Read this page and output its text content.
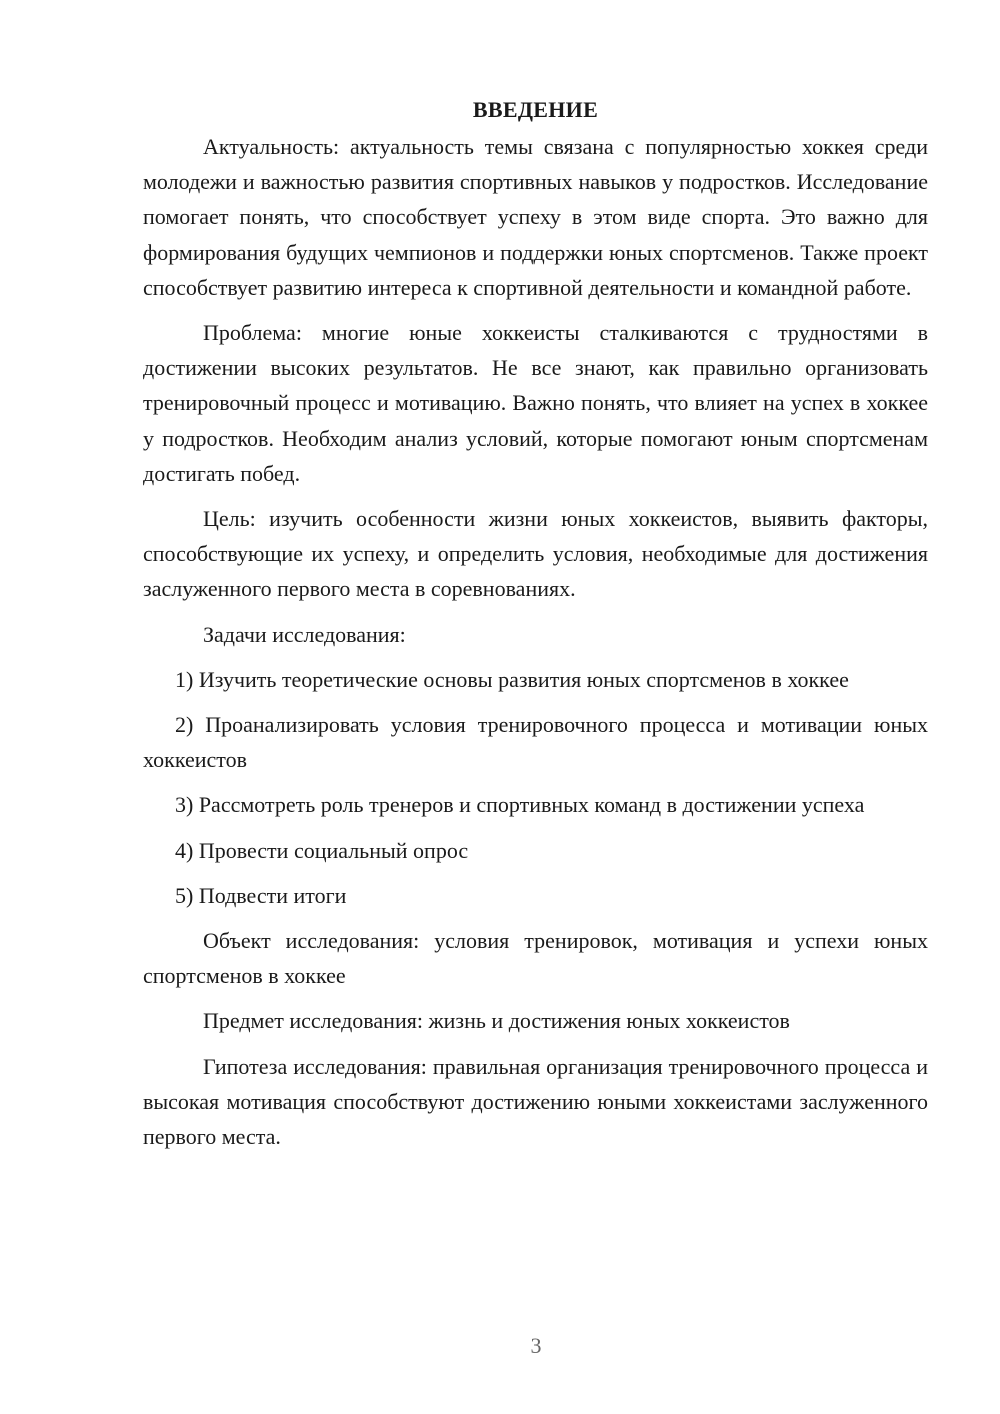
ВВЕДЕНИЕ

Актуальность: актуальность темы связана с популярностью хоккея среди молодежи и важностью развития спортивных навыков у подростков. Исследование помогает понять, что способствует успеху в этом виде спорта. Это важно для формирования будущих чемпионов и поддержки юных спортсменов. Также проект способствует развитию интереса к спортивной деятельности и командной работе.

Проблема: многие юные хоккеисты сталкиваются с трудностями в достижении высоких результатов. Не все знают, как правильно организовать тренировочный процесс и мотивацию. Важно понять, что влияет на успех в хоккее у подростков. Необходим анализ условий, которые помогают юным спортсменам достигать побед.

Цель: изучить особенности жизни юных хоккеистов, выявить факторы, способствующие их успеху, и определить условия, необходимые для достижения заслуженного первого места в соревнованиях.

Задачи исследования:

1) Изучить теоретические основы развития юных спортсменов в хоккее

2) Проанализировать условия тренировочного процесса и мотивации юных хоккеистов

3) Рассмотреть роль тренеров и спортивных команд в достижении успеха

4) Провести социальный опрос

5) Подвести итоги

Объект исследования: условия тренировок, мотивация и успехи юных спортсменов в хоккее

Предмет исследования: жизнь и достижения юных хоккеистов

Гипотеза исследования: правильная организация тренировочного процесса и высокая мотивация способствуют достижению юными хоккеистами заслуженного первого места.

3
